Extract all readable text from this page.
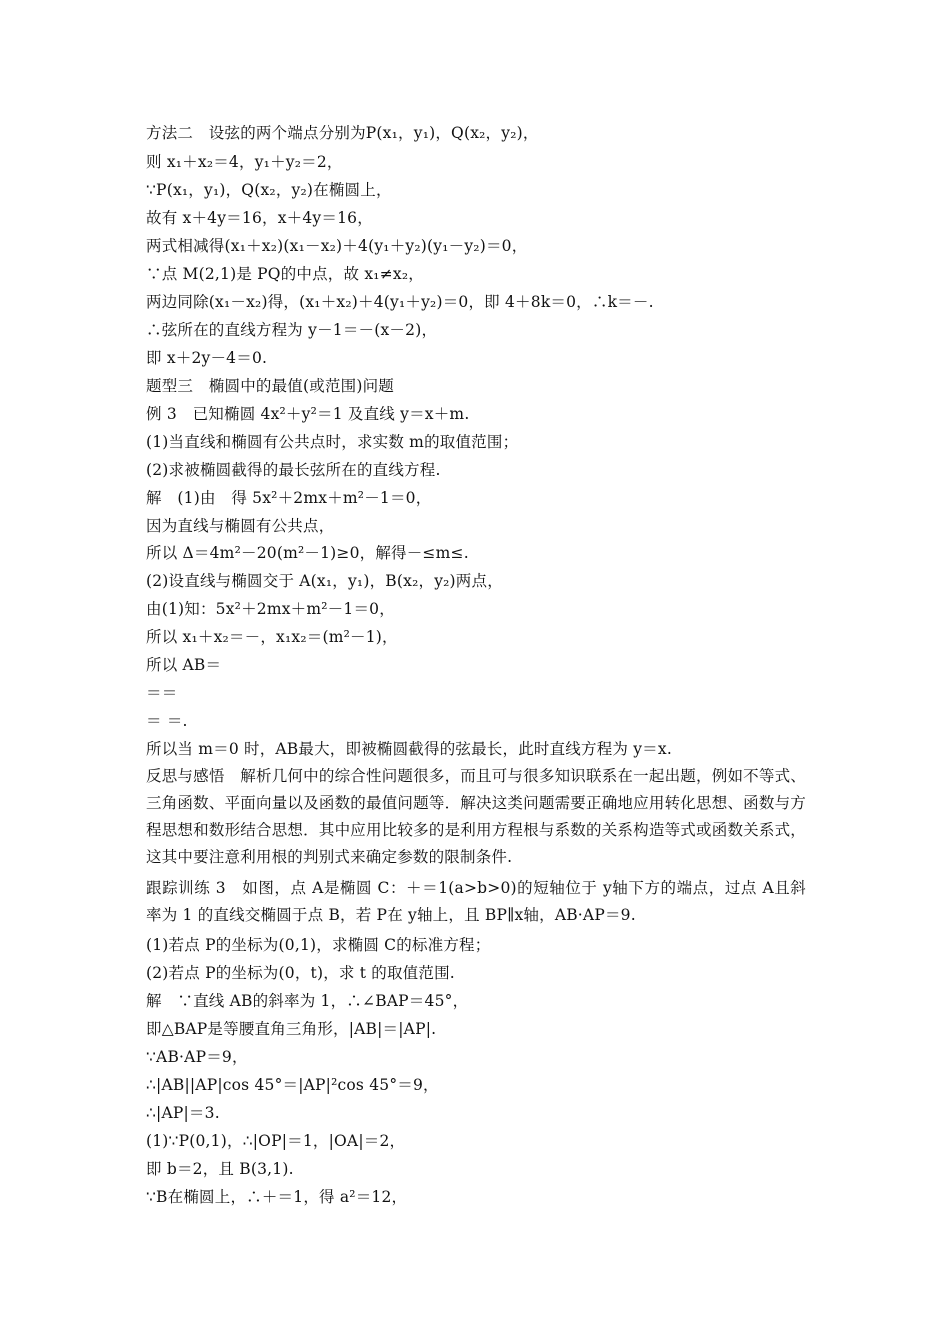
方法二　设弦的两个端点分别为P(x₁，y₁)，Q(x₂，y₂)，
则 x₁＋x₂＝4，y₁＋y₂＝2，
∵P(x₁，y₁)，Q(x₂，y₂)在椭圆上，
故有 x＋4y＝16，x＋4y＝16，
两式相减得(x₁＋x₂)(x₁－x₂)＋4(y₁＋y₂)(y₁－y₂)＝0，
∵点 M(2,1)是 PQ的中点，故 x₁≠x₂，
两边同除(x₁－x₂)得，(x₁＋x₂)＋4(y₁＋y₂)＝0，即 4＋8k＝0，∴k＝－.
∴弦所在的直线方程为 y－1＝－(x－2)，
即 x＋2y－4＝0.
题型三　椭圆中的最值(或范围)问题
例 3　已知椭圆 4x²＋y²＝1 及直线 y＝x＋m.
(1)当直线和椭圆有公共点时，求实数 m的取值范围；
(2)求被椭圆截得的最长弦所在的直线方程.
解　(1)由　得 5x²＋2mx＋m²－1＝0，
因为直线与椭圆有公共点，
所以 Δ＝4m²－20(m²－1)≥0，解得－≤m≤.
(2)设直线与椭圆交于 A(x₁，y₁)，B(x₂，y₂)两点，
由(1)知：5x²＋2mx＋m²－1＝0，
所以 x₁＋x₂＝－，x₁x₂＝(m²－1)，
所以 AB＝
＝＝
＝ ＝.
所以当 m＝0 时，AB最大，即被椭圆截得的弦最长，此时直线方程为 y＝x.
反思与感悟　解析几何中的综合性问题很多，而且可与很多知识联系在一起出题，例如不等式、三角函数、平面向量以及函数的最值问题等．解决这类问题需要正确地应用转化思想、函数与方程思想和数形结合思想．其中应用比较多的是利用方程根与系数的关系构造等式或函数关系式，这其中要注意利用根的判别式来确定参数的限制条件.
跟踪训练 3　如图，点 A是椭圆 C：＋＝1(a>b>0)的短轴位于 y轴下方的端点，过点 A且斜率为 1 的直线交椭圆于点 B，若 P在 y轴上，且 BP∥x轴，AB·AP＝9.
(1)若点 P的坐标为(0,1)，求椭圆 C的标准方程；
(2)若点 P的坐标为(0，t)，求 t 的取值范围.
解　∵直线 AB的斜率为 1，∴∠BAP＝45°，
即△BAP是等腰直角三角形，|AB|＝|AP|.
∵AB·AP＝9，
∴|AB||AP|cos 45°＝|AP|²cos 45°＝9，
∴|AP|＝3.
(1)∵P(0,1)，∴|OP|＝1，|OA|＝2，
即 b＝2，且 B(3,1).
∵B在椭圆上，∴＋＝1，得 a²＝12，
